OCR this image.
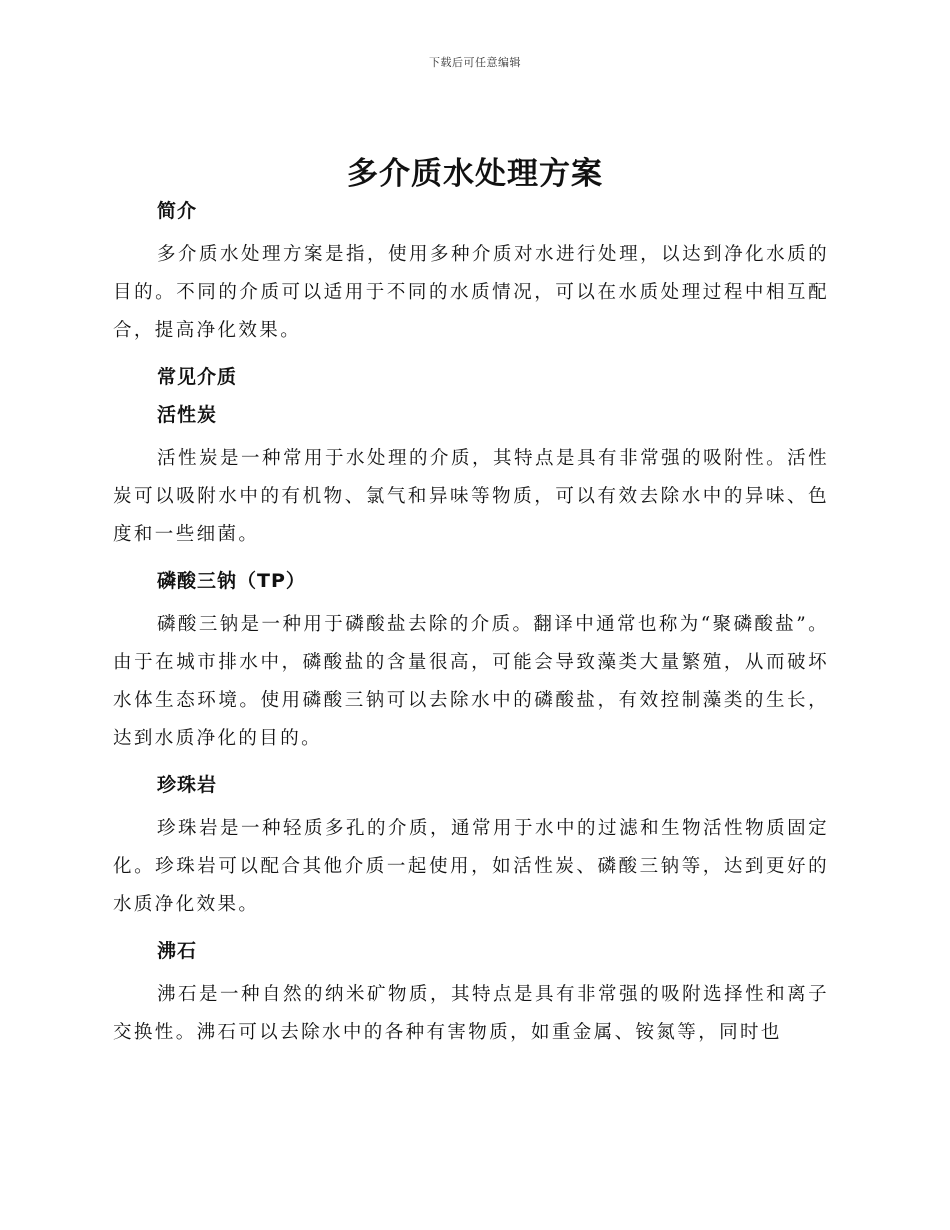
下载后可任意编辑
多介质水处理方案
简介

多介质水处理方案是指，使用多种介质对水进行处理，以达到净化水质的目的。不同的介质可以适用于不同的水质情况，可以在水质处理过程中相互配合，提高净化效果。

常见介质
活性炭

活性炭是一种常用于水处理的介质，其特点是具有非常强的吸附性。活性炭可以吸附水中的有机物、氯气和异味等物质，可以有效去除水中的异味、色度和一些细菌。

磷酸三钠（TP）

磷酸三钠是一种用于磷酸盐去除的介质。翻译中通常也称为“聚磷酸盐”。由于在城市排水中，磷酸盐的含量很高，可能会导致藻类大量繁殖，从而破坏水体生态环境。使用磷酸三钠可以去除水中的磷酸盐，有效控制藻类的生长，达到水质净化的目的。

珍珠岩

珍珠岩是一种轻质多孔的介质，通常用于水中的过滤和生物活性物质固定化。珍珠岩可以配合其他介质一起使用，如活性炭、磷酸三钠等，达到更好的水质净化效果。

沸石

沸石是一种自然的纳米矿物质，其特点是具有非常强的吸附选择性和离子交换性。沸石可以去除水中的各种有害物质，如重金属、铵氮等，同时也
